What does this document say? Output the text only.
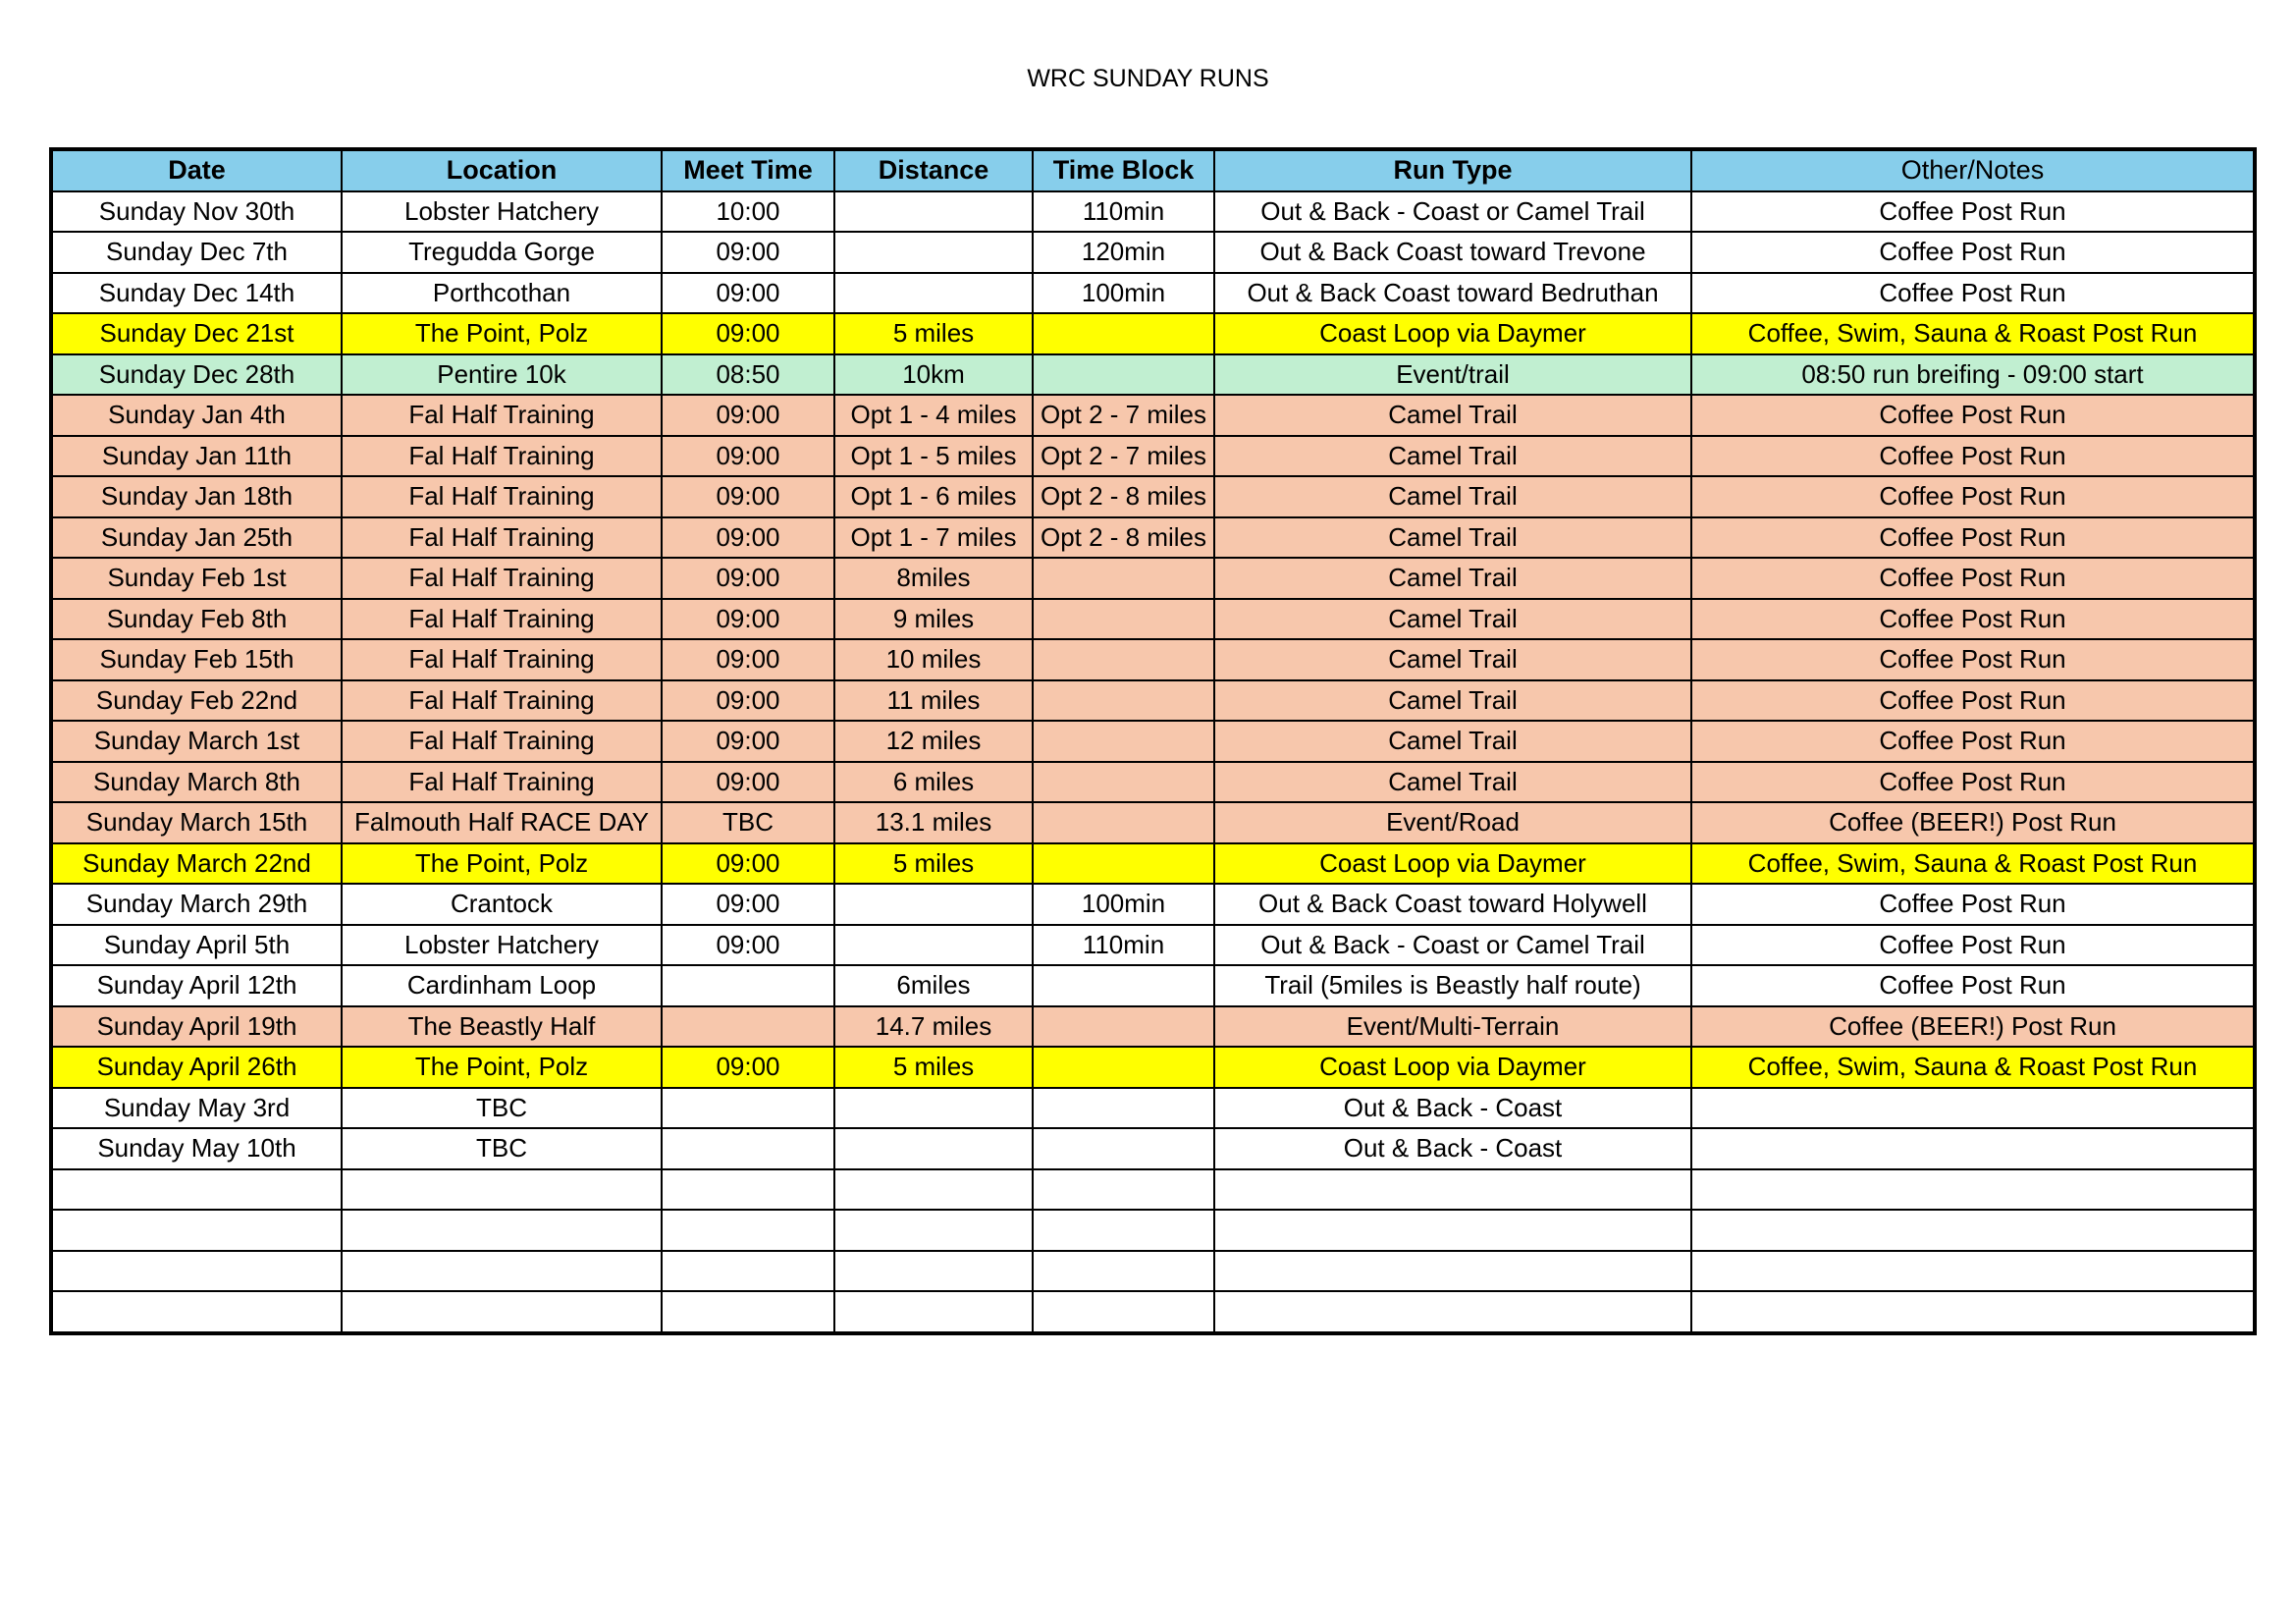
WRC SUNDAY RUNS
Date	Location	Meet Time	Distance	Time Block	Run Type	Other/Notes
Sunday Nov 30th	Lobster Hatchery	10:00		110min	Out & Back - Coast or Camel Trail	Coffee Post Run
Sunday Dec 7th	Tregudda Gorge	09:00		120min	Out & Back Coast toward Trevone	Coffee Post Run
Sunday Dec 14th	Porthcothan	09:00		100min	Out & Back Coast toward Bedruthan	Coffee Post Run
Sunday Dec 21st	The Point, Polz	09:00	5 miles		Coast Loop via Daymer	Coffee, Swim, Sauna & Roast Post Run
Sunday Dec 28th	Pentire 10k	08:50	10km		Event/trail	08:50 run breifing - 09:00 start
Sunday Jan 4th	Fal Half Training	09:00	Opt 1 - 4 miles	Opt 2 - 7 miles	Camel Trail	Coffee Post Run
Sunday Jan 11th	Fal Half Training	09:00	Opt 1 - 5 miles	Opt 2 - 7 miles	Camel Trail	Coffee Post Run
Sunday Jan 18th	Fal Half Training	09:00	Opt 1 - 6 miles	Opt 2 - 8 miles	Camel Trail	Coffee Post Run
Sunday Jan 25th	Fal Half Training	09:00	Opt 1 - 7 miles	Opt 2 - 8 miles	Camel Trail	Coffee Post Run
Sunday Feb 1st	Fal Half Training	09:00	8miles		Camel Trail	Coffee Post Run
Sunday Feb 8th	Fal Half Training	09:00	9 miles		Camel Trail	Coffee Post Run
Sunday Feb 15th	Fal Half Training	09:00	10 miles		Camel Trail	Coffee Post Run
Sunday Feb 22nd	Fal Half Training	09:00	11 miles		Camel Trail	Coffee Post Run
Sunday March 1st	Fal Half Training	09:00	12 miles		Camel Trail	Coffee Post Run
Sunday March 8th	Fal Half Training	09:00	6 miles		Camel Trail	Coffee Post Run
Sunday March 15th	Falmouth Half RACE DAY	TBC	13.1 miles		Event/Road	Coffee (BEER!) Post Run
Sunday March 22nd	The Point, Polz	09:00	5 miles		Coast Loop via Daymer	Coffee, Swim, Sauna & Roast Post Run
Sunday March 29th	Crantock	09:00		100min	Out & Back Coast toward Holywell	Coffee Post Run
Sunday April 5th	Lobster Hatchery	09:00		110min	Out & Back - Coast or Camel Trail	Coffee Post Run
Sunday April 12th	Cardinham Loop		6miles		Trail (5miles is Beastly half route)	Coffee Post Run
Sunday April 19th	The Beastly Half		14.7 miles		Event/Multi-Terrain	Coffee (BEER!) Post Run
Sunday April 26th	The Point, Polz	09:00	5 miles		Coast Loop via Daymer	Coffee, Swim, Sauna & Roast Post Run
Sunday May 3rd	TBC				Out & Back - Coast	
Sunday May 10th	TBC				Out & Back - Coast	
